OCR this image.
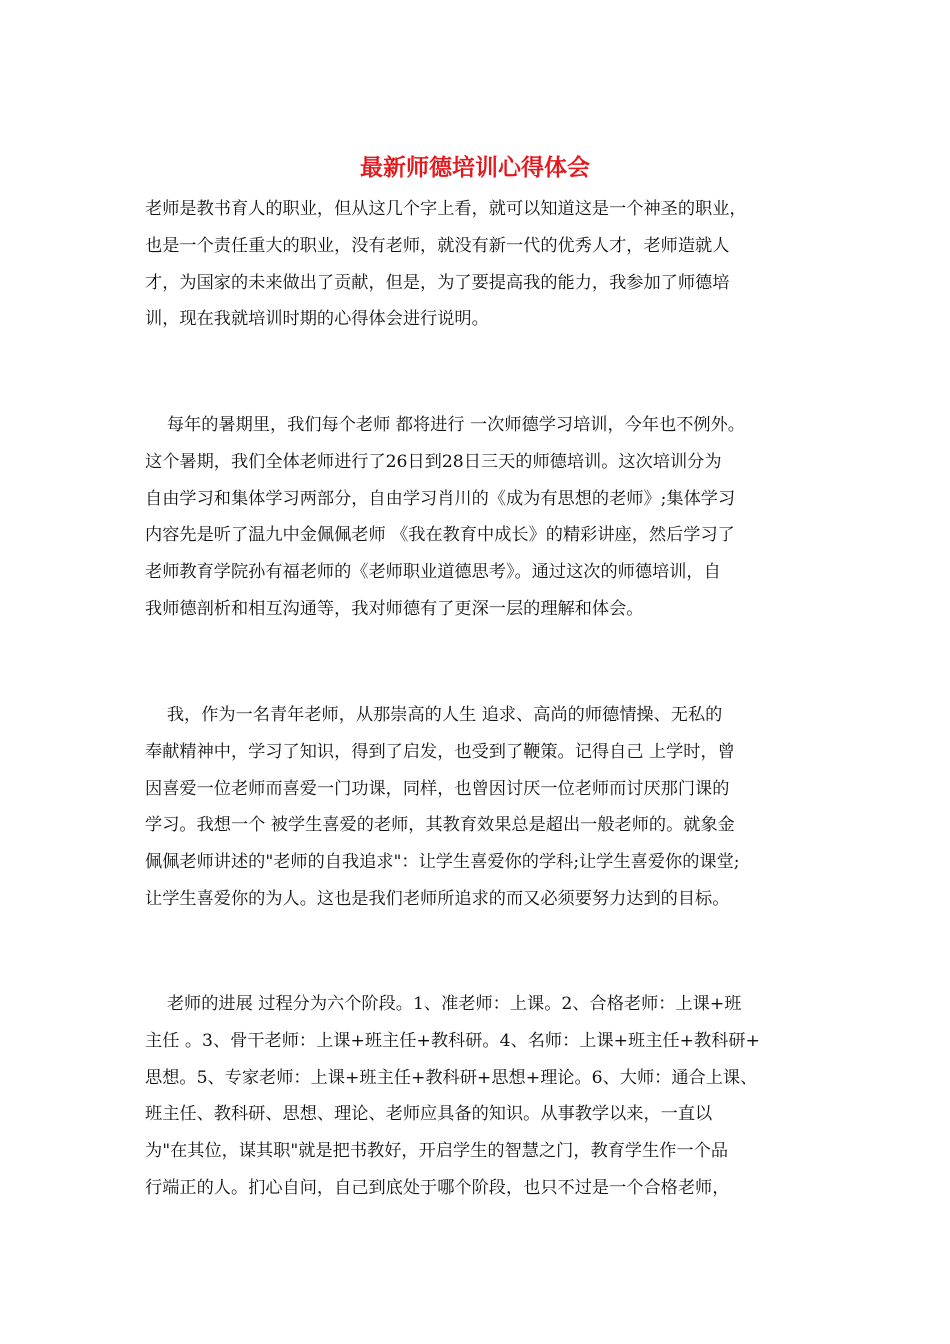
最新师德培训心得体会
老师是教书育人的职业，但从这几个字上看，就可以知道这是一个神圣的职业，
也是一个责任重大的职业，没有老师，就没有新一代的优秀人才，老师造就人
才，为国家的未来做出了贡献，但是，为了要提高我的能力，我参加了师德培
训，现在我就培训时期的心得体会进行说明。
每年的暑期里，我们每个老师 都将进行 一次师德学习培训，今年也不例外。
这个暑期，我们全体老师进行了26日到28日三天的师德培训。这次培训分为
自由学习和集体学习两部分，自由学习肖川的《成为有思想的老师》;集体学习
内容先是听了温九中金佩佩老师 《我在教育中成长》的精彩讲座，然后学习了
老师教育学院孙有福老师的《老师职业道德思考》。通过这次的师德培训，自
我师德剖析和相互沟通等，我对师德有了更深一层的理解和体会。
我，作为一名青年老师，从那崇高的人生 追求、高尚的师德情操、无私的
奉献精神中，学习了知识，得到了启发，也受到了鞭策。记得自己 上学时，曾
因喜爱一位老师而喜爱一门功课，同样，也曾因讨厌一位老师而讨厌那门课的
学习。我想一个 被学生喜爱的老师，其教育效果总是超出一般老师的。就象金
佩佩老师讲述的"老师的自我追求"：让学生喜爱你的学科;让学生喜爱你的课堂;
让学生喜爱你的为人。这也是我们老师所追求的而又必须要努力达到的目标。
老师的进展 过程分为六个阶段。1、准老师：上课。2、合格老师：上课+班
主任 。3、骨干老师：上课+班主任+教科研。4、名师：上课+班主任+教科研+
思想。5、专家老师：上课+班主任+教科研+思想+理论。6、大师：通合上课、
班主任、教科研、思想、理论、老师应具备的知识。从事教学以来，一直以
为"在其位，谋其职"就是把书教好，开启学生的智慧之门，教育学生作一个品
行端正的人。扪心自问，自己到底处于哪个阶段，也只不过是一个合格老师，
